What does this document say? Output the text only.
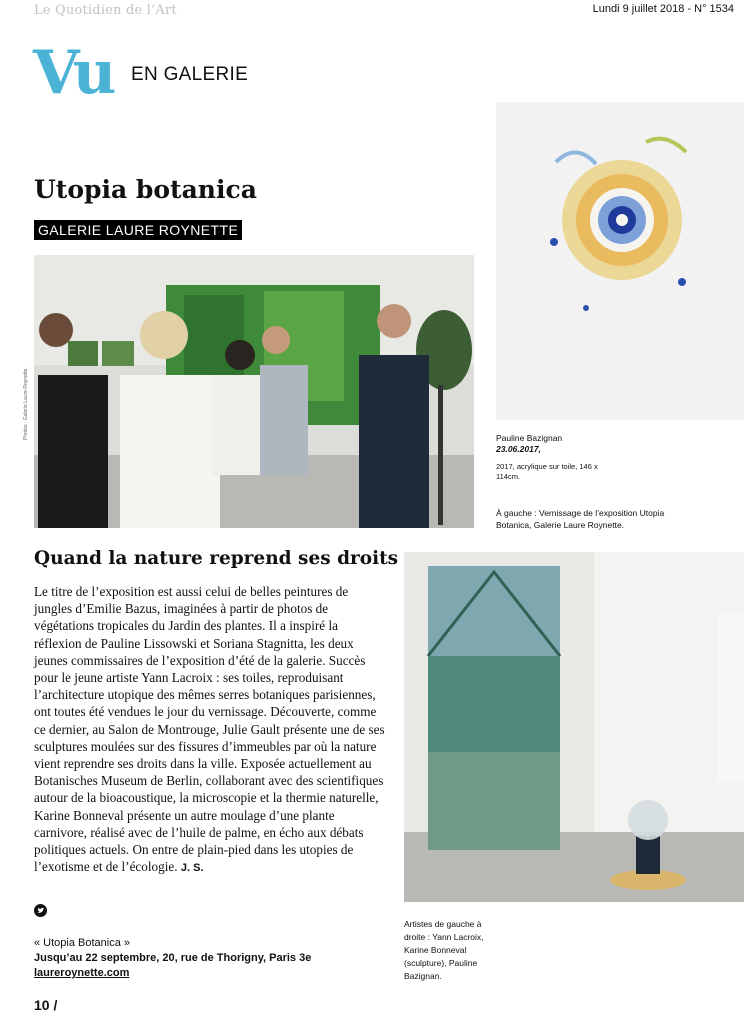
Le Quotidien de l’Art	Lundi 9 juillet 2018 - N° 1534
Vu EN GALERIE
Utopia botanica
GALERIE LAURE ROYNETTE
Photos : Galerie Laure Roynette.	Pauline Bazignan
23.06.2017,
2017, acrylique sur toile, 146 x 114cm.
À gauche : Vernissage de l’exposition Utopia Botanica, Galerie Laure Roynette.
Quand la nature reprend ses droits
Le titre de l’exposition est aussi celui de belles peintures de jungles d’Emilie Bazus, imaginées à partir de photos de végétations tropicales du Jardin des plantes. Il a inspiré la réflexion de Pauline Lissowski et Soriana Stagnitta, les deux jeunes commissaires de l’exposition d’été de la galerie. Succès pour le jeune artiste Yann Lacroix : ses toiles, reproduisant l’architecture utopique des mêmes serres botaniques parisiennes, ont toutes été vendues le jour du vernissage. Découverte, comme ce dernier, au Salon de Montrouge, Julie Gault présente une de ses sculptures moulées sur des fissures d’immeubles par où la nature vient reprendre ses droits dans la ville. Exposée actuellement au Botanisches Museum de Berlin, collaborant avec des scientifiques autour de la bioacoustique, la microscopie et la thermie naturelle, Karine Bonneval présente un autre moulage d’une plante carnivore, réalisé avec de l’huile de palme, en écho aux débats politiques actuels. On entre de plain-pied dans les utopies de l’exotisme et de l’écologie. J. S.
« Utopia Botanica »
Jusqu’au 22 septembre, 20, rue de Thorigny, Paris 3e
laureroynette.com
Artistes de gauche à droite : Yann Lacroix, Karine Bonneval (sculpture), Pauline Bazignan.
10 /
